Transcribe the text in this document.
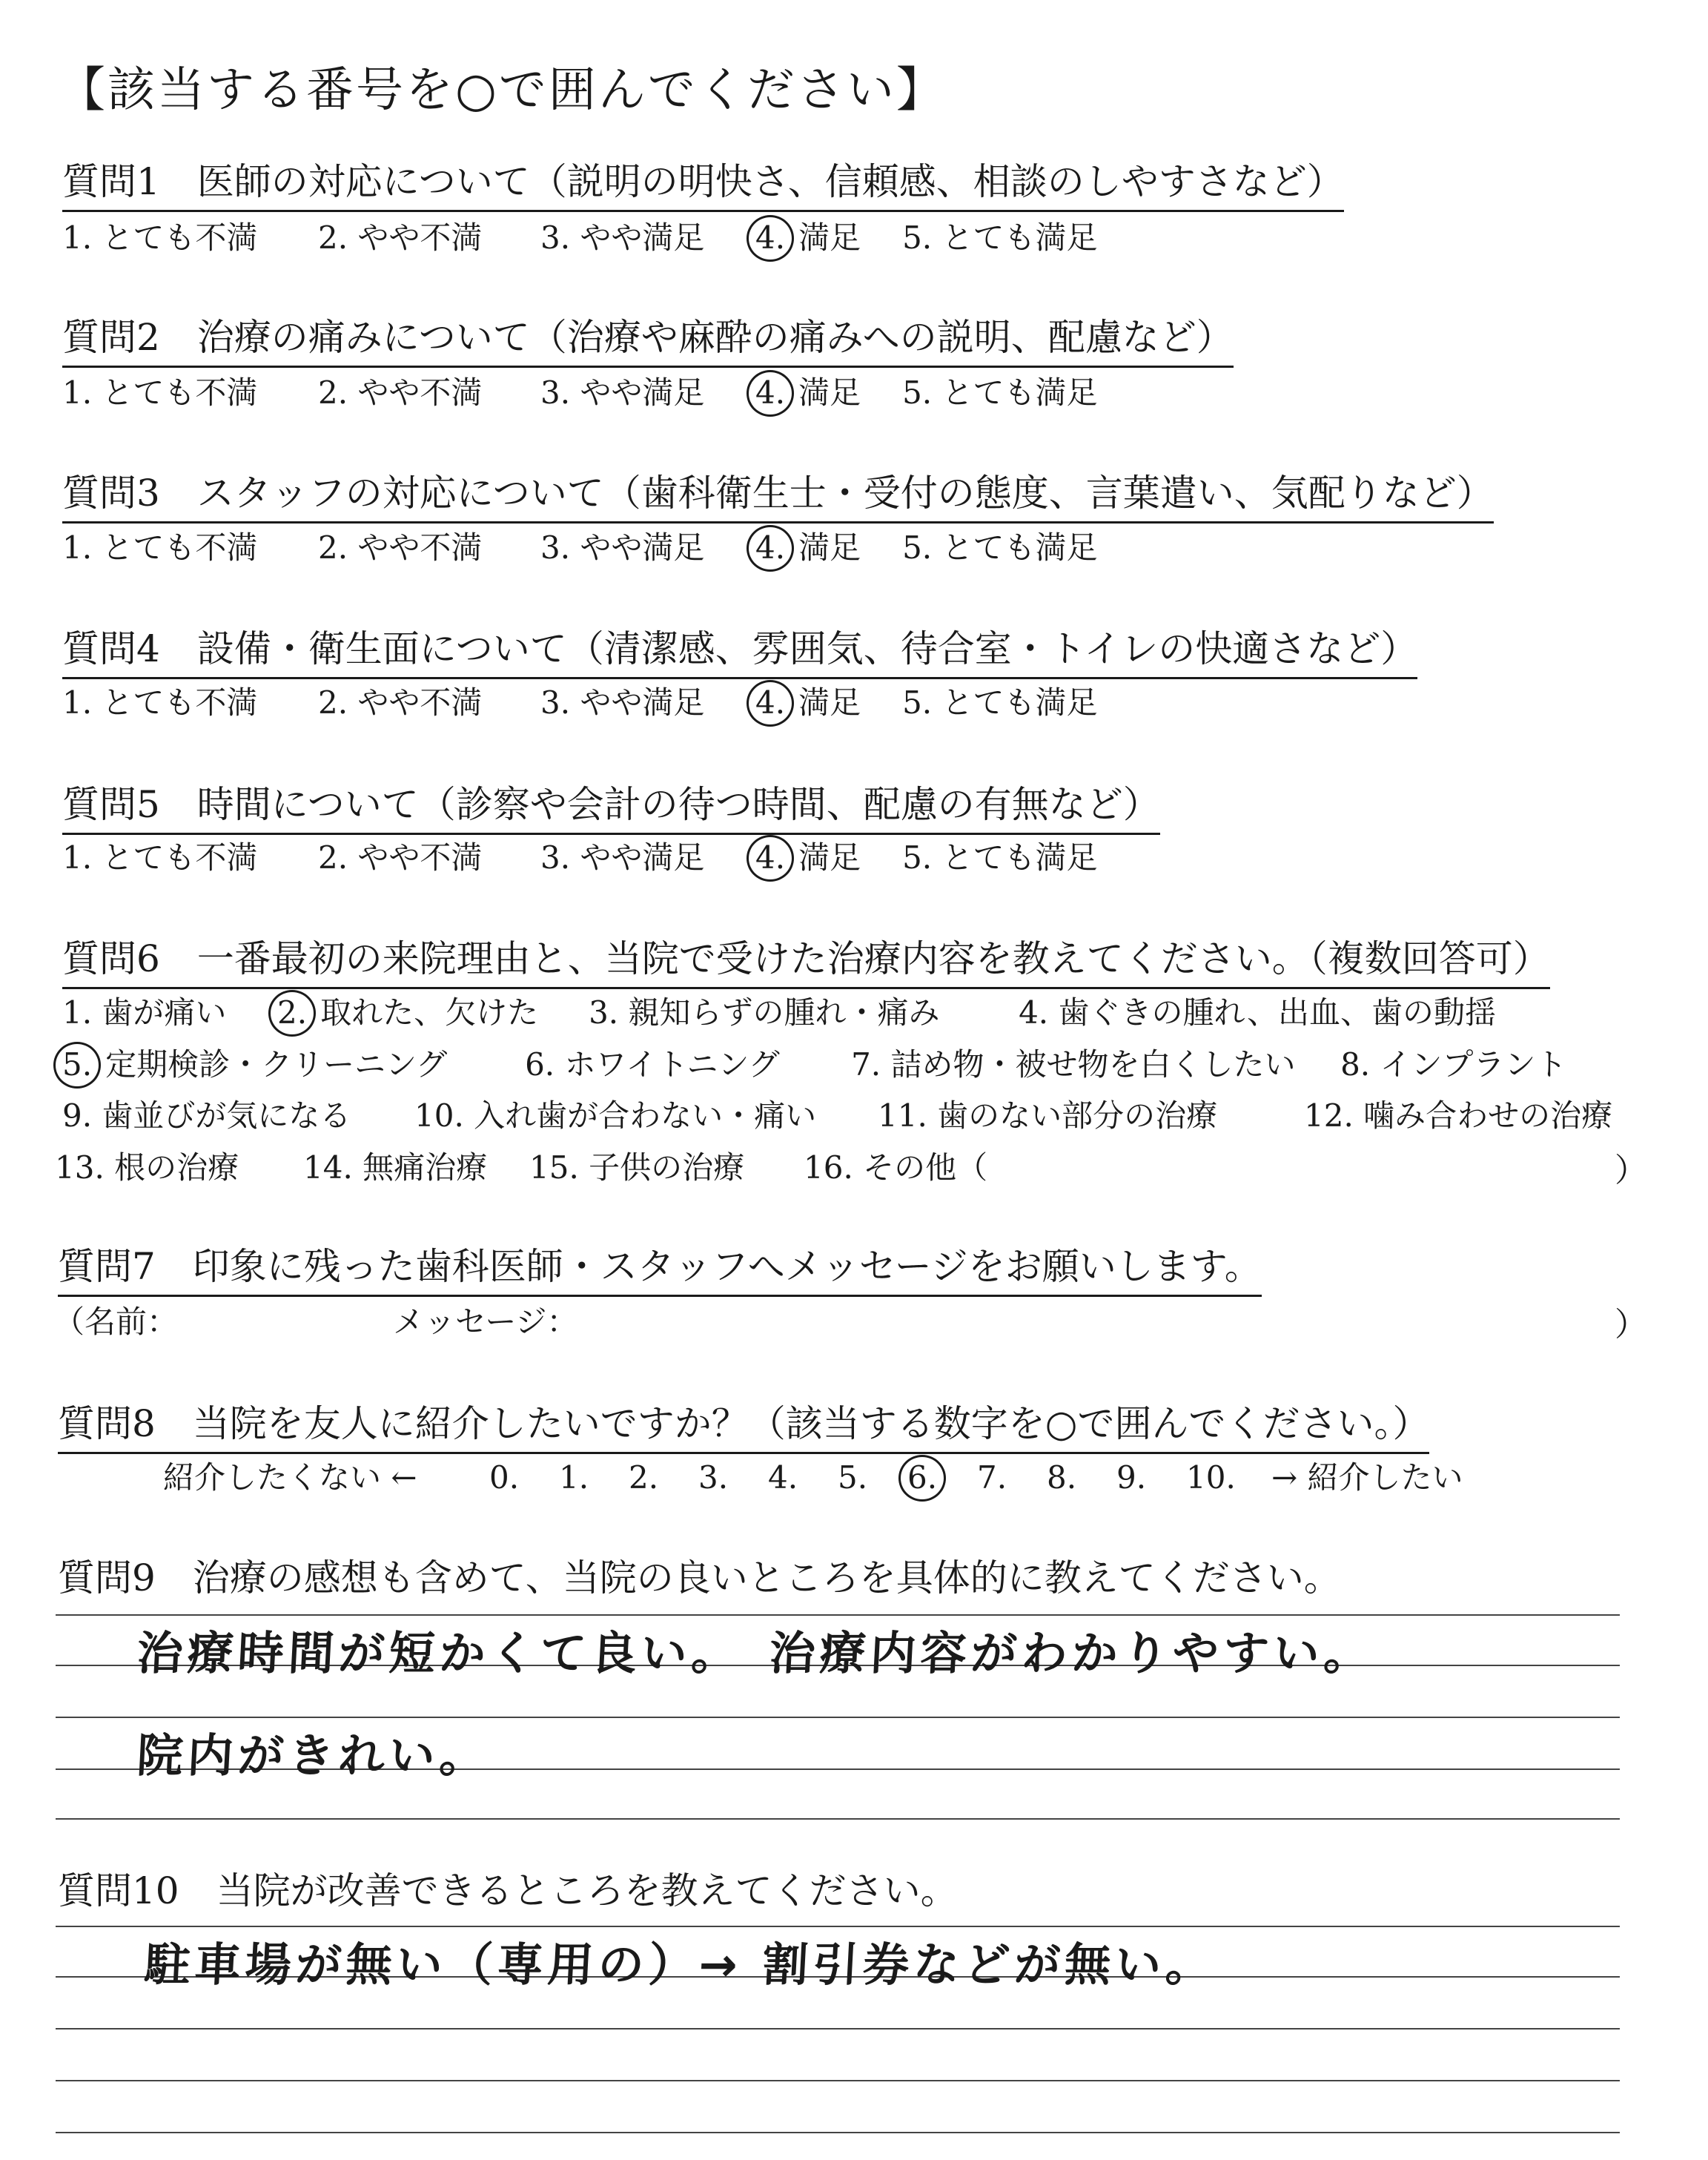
【該当する番号を○で囲んでください】
質問1　医師の対応について（説明の明快さ、信頼感、相談のしやすさなど）
1. とても不満 2. やや不満 3. やや満足 4. 満足 5. とても満足
質問2　治療の痛みについて（治療や麻酔の痛みへの説明、配慮など）
1. とても不満 2. やや不満 3. やや満足 4. 満足 5. とても満足
質問3　スタッフの対応について（歯科衛生士・受付の態度、言葉遣い、気配りなど）
1. とても不満 2. やや不満 3. やや満足 4. 満足 5. とても満足
質問4　設備・衛生面について（清潔感、雰囲気、待合室・トイレの快適さなど）
1. とても不満 2. やや不満 3. やや満足 4. 満足 5. とても満足
質問5　時間について（診察や会計の待つ時間、配慮の有無など）
1. とても不満 2. やや不満 3. やや満足 4. 満足 5. とても満足
質問6　一番最初の来院理由と、当院で受けた治療内容を教えてください。（複数回答可）
1. 歯が痛い 2. 取れた、欠けた 3. 親知らずの腫れ・痛み	4. 歯ぐきの腫れ、出血、歯の動揺
5. 定期検診・クリーニング 6. ホワイトニング 7. 詰め物・被せ物を白くしたい 8. インプラント
9. 歯並びが気になる 10. 入れ歯が合わない・痛い 11. 歯のない部分の治療	12. 噛み合わせの治療
13. 根の治療 14. 無痛治療 15. 子供の治療 16. その他（	）
質問7　印象に残った歯科医師・スタッフへメッセージをお願いします。
（名前：	メッセージ：	）
質問8　当院を友人に紹介したいですか？（該当する数字を○で囲んでください。）
紹介したくない ← 0. 1. 2. 3. 4. 5. 6. 7. 8. 9. 10. → 紹介したい
質問9　治療の感想も含めて、当院の良いところを具体的に教えてください。
治療時間が短かくて良い。　治療内容がわかりやすい。
院内がきれい。
質問10　当院が改善できるところを教えてください。
駐車場が無い（専用の）→ 割引券などが無い。
